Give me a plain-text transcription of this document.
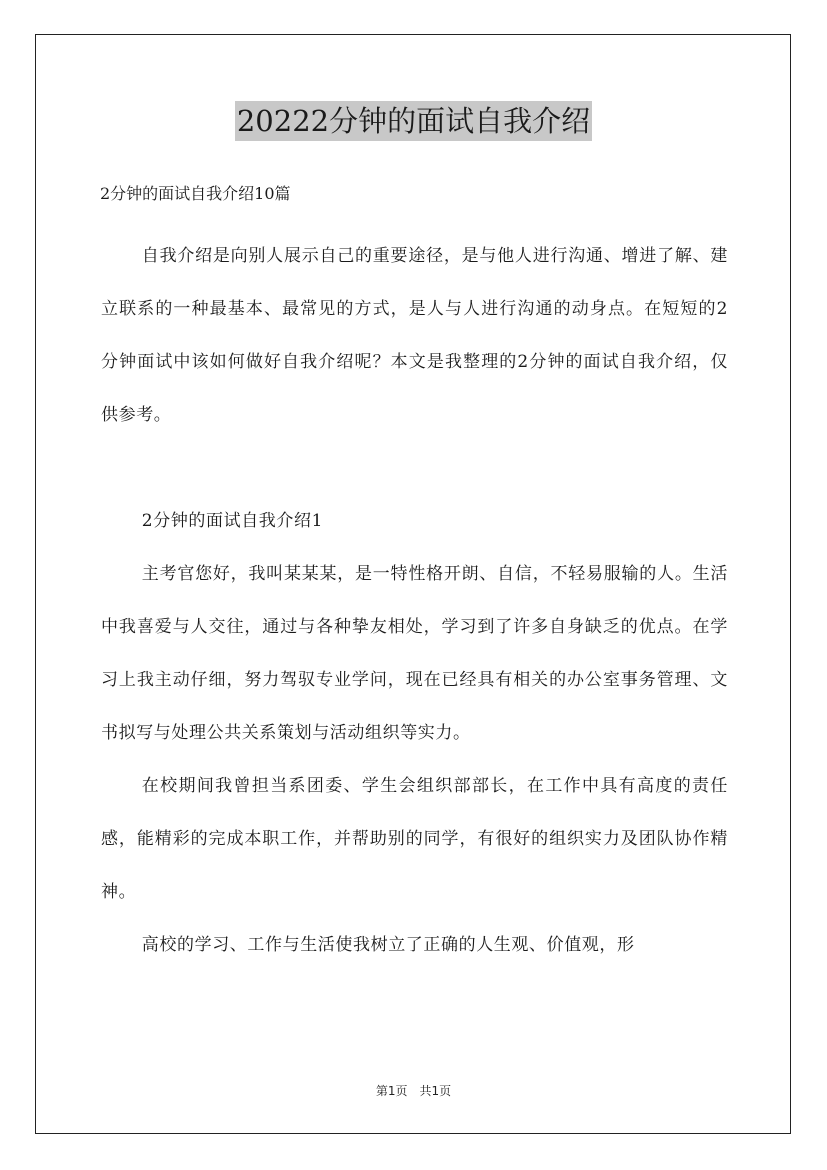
20222分钟的面试自我介绍

2分钟的面试自我介绍10篇

自我介绍是向别人展示自己的重要途径，是与他人进行沟通、增进了解、建立联系的一种最基本、最常见的方式，是人与人进行沟通的动身点。在短短的2分钟面试中该如何做好自我介绍呢？本文是我整理的2分钟的面试自我介绍，仅供参考。

2分钟的面试自我介绍1

主考官您好，我叫某某某，是一特性格开朗、自信，不轻易服输的人。生活中我喜爱与人交往，通过与各种挚友相处，学习到了许多自身缺乏的优点。在学习上我主动仔细，努力驾驭专业学问，现在已经具有相关的办公室事务管理、文书拟写与处理公共关系策划与活动组织等实力。

在校期间我曾担当系团委、学生会组织部部长，在工作中具有高度的责任感，能精彩的完成本职工作，并帮助别的同学，有很好的组织实力及团队协作精神。

高校的学习、工作与生活使我树立了正确的人生观、价值观，形

第1页　共1页
